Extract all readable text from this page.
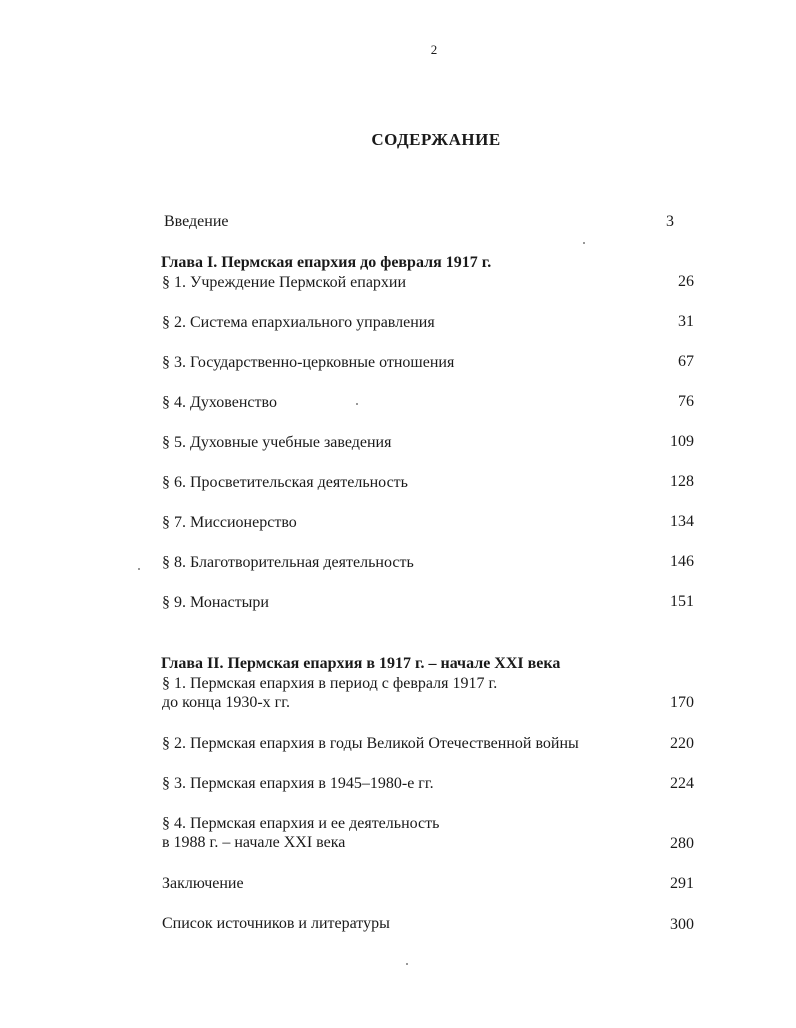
2
СОДЕРЖАНИЕ
Введение	3
Глава I. Пермская епархия до февраля 1917 г.
§ 1. Учреждение Пермской епархии	26
§ 2. Система епархиального управления	31
§ 3. Государственно-церковные отношения	67
§ 4. Духовенство	76
§ 5. Духовные учебные заведения	109
§ 6. Просветительская деятельность	128
§ 7. Миссионерство	134
§ 8. Благотворительная деятельность	146
§ 9. Монастыри	151
Глава II. Пермская епархия в 1917 г. – начале XXI века
§ 1. Пермская епархия в период с февраля 1917 г.
до конца 1930-х гг.	170
§ 2. Пермская епархия в годы Великой Отечественной войны	220
§ 3. Пермская епархия в 1945–1980-е гг.	224
§ 4. Пермская епархия и ее деятельность
в 1988 г. – начале XXI века	280
Заключение	291
Список источников и литературы	300
